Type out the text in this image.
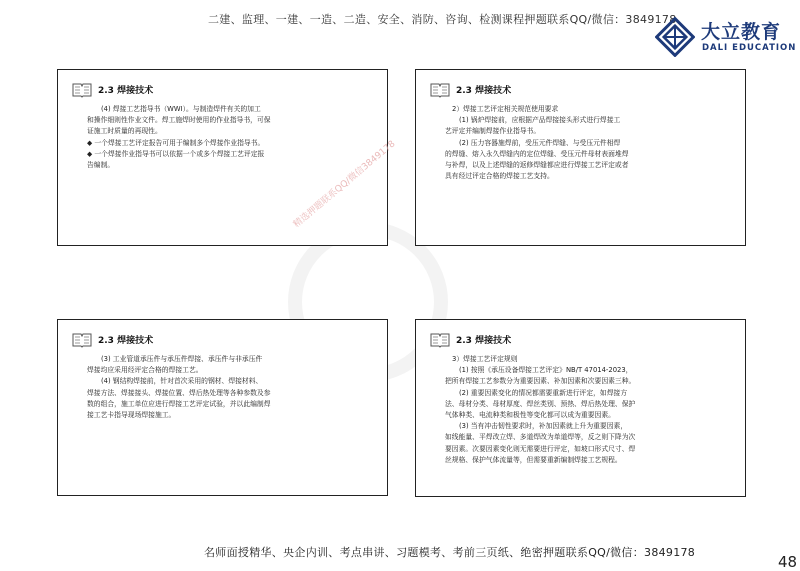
二建、监理、一建、一造、二造、安全、消防、咨询、检测课程押题联系QQ/微信：3849178
大立教育
DALI EDUCATION
2.3 焊接技术
(4) 焊接工艺指导书（WWI）。与制造焊件有关的加工
和操作细则性作业文件。焊工施焊时使用的作业指导书，可保
证施工时质量的再现性。
◆ 一个焊接工艺评定报告可用于编制多个焊接作业指导书。
◆ 一个焊接作业指导书可以依据一个或多个焊接工艺评定报
告编制。	精选押题联系QQ/微信3849178
2.3 焊接技术
2）焊接工艺评定相关规范使用要求
(1) 锅炉焊接前，应根据产品焊接接头形式进行焊接工
艺评定并编制焊接作业指导书。
(2) 压力容器施焊前，受压元件焊缝、与受压元件相焊
的焊缝、熔入永久焊缝内的定位焊缝、受压元件母材表面堆焊
与补焊，以及上述焊缝的返修焊缝都应进行焊接工艺评定或者
具有经过评定合格的焊接工艺支持。
2.3 焊接技术
(3) 工业管道承压件与承压件焊接、承压件与非承压件
焊接均应采用经评定合格的焊接工艺。
(4) 钢结构焊接前，针对首次采用的钢材、焊接材料、
焊接方法、焊接接头、焊接位置、焊后热处理等各种参数及参
数的组合，施工单位应进行焊接工艺评定试验，并以此编制焊
接工艺卡指导现场焊接施工。
2.3 焊接技术
3）焊接工艺评定规则
(1) 按照《承压设备焊接工艺评定》NB/T 47014-2023，
把所有焊接工艺参数分为重要因素、补加因素和次要因素三种。
(2) 重要因素变化的情况都需要重新进行评定，如焊接方
法、母材分类、母材厚度、焊丝类别、预热、焊后热处理、保护
气体种类、电流种类和极性等变化都可以成为重要因素。
(3) 当有冲击韧性要求时，补加因素就上升为重要因素，
如线能量、平焊改立焊、多道焊改为单道焊等，反之则下降为次
要因素。次要因素变化则无需要进行评定，如坡口形式尺寸、焊
丝规格、保护气体流量等，但需要重新编制焊接工艺规程。
名师面授精华、央企内训、考点串讲、习题模考、考前三页纸、绝密押题联系QQ/微信：3849178
48
